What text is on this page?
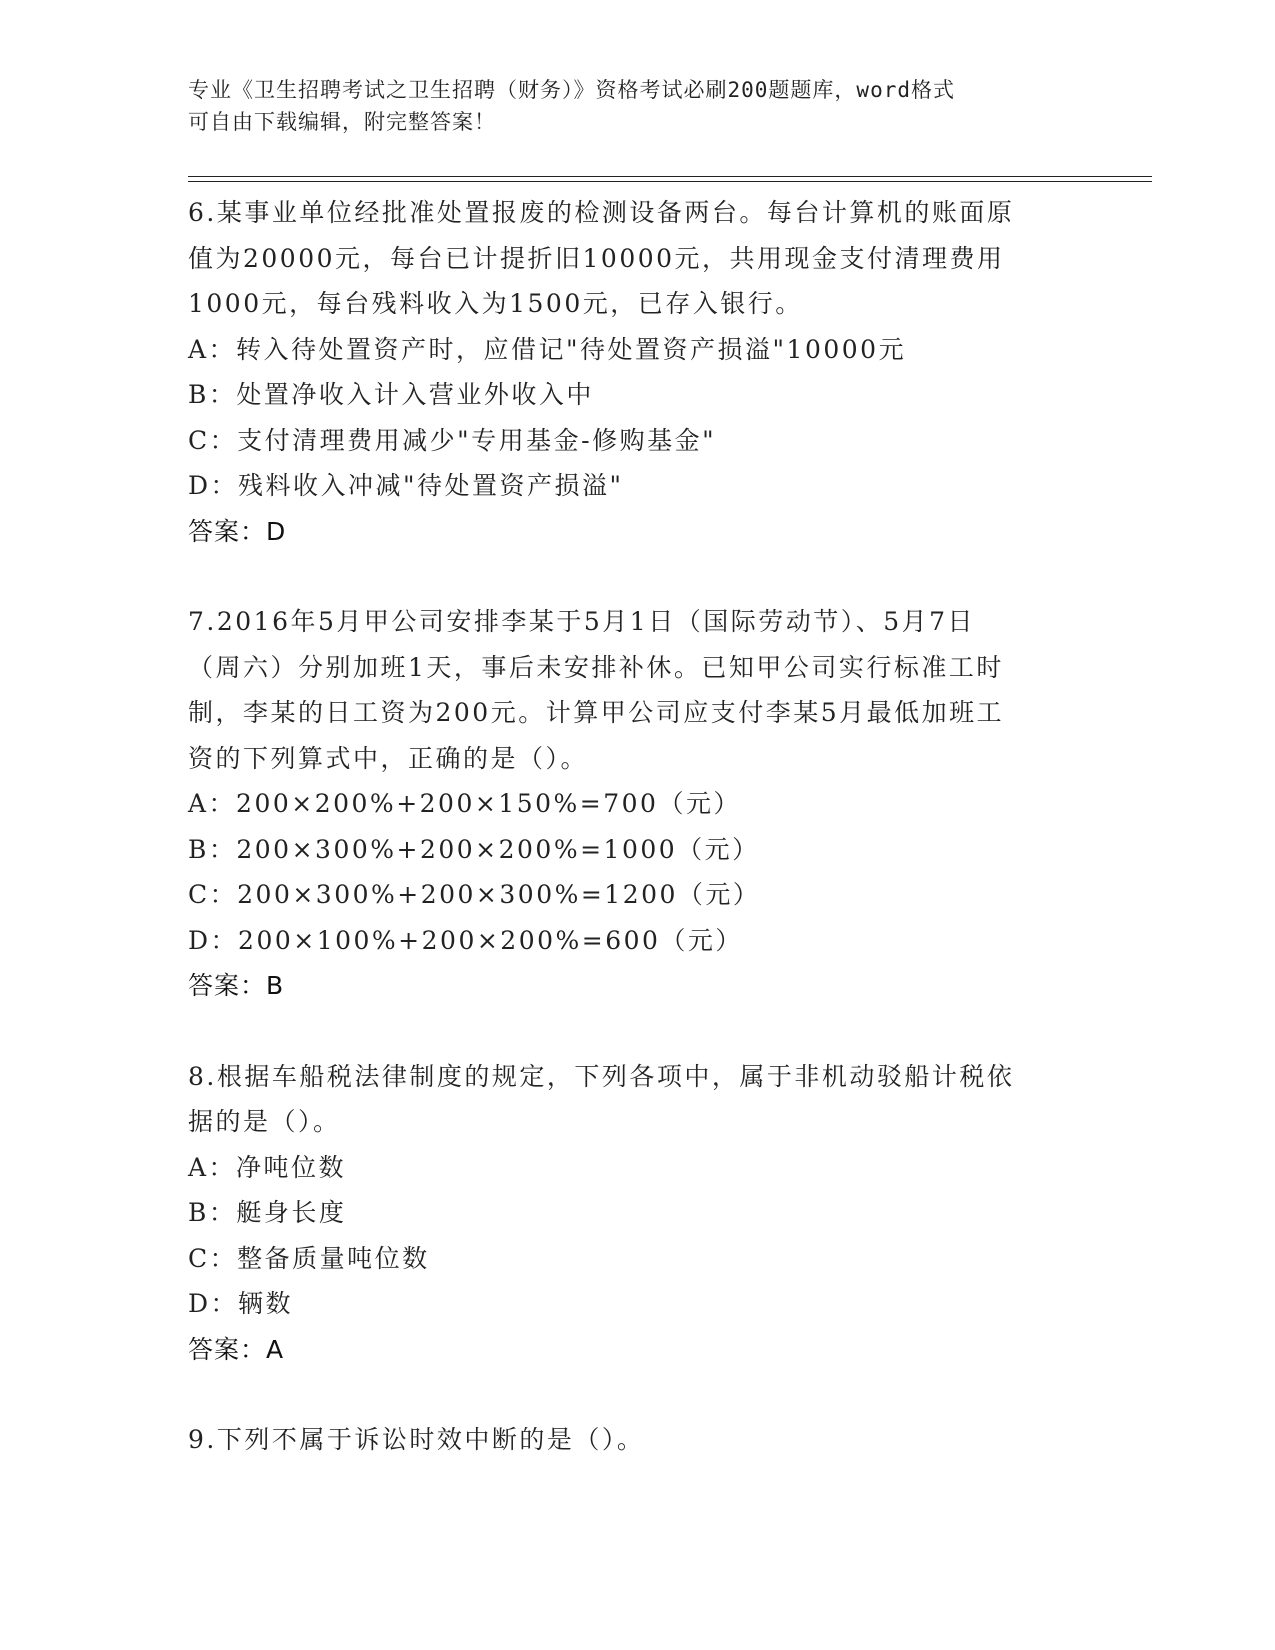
专业《卫生招聘考试之卫生招聘（财务）》资格考试必刷200题题库，word格式
可自由下载编辑，附完整答案！
6.某事业单位经批准处置报废的检测设备两台。每台计算机的账面原
值为20000元，每台已计提折旧10000元，共用现金支付清理费用
1000元，每台残料收入为1500元，已存入银行。
A：转入待处置资产时，应借记"待处置资产损溢"10000元
B：处置净收入计入营业外收入中
C：支付清理费用减少"专用基金-修购基金"
D：残料收入冲减"待处置资产损溢"
答案：D
7.2016年5月甲公司安排李某于5月1日（国际劳动节）、5月7日
（周六）分别加班1天，事后未安排补休。已知甲公司实行标准工时
制，李某的日工资为200元。计算甲公司应支付李某5月最低加班工
资的下列算式中，正确的是（）。
A：200×200%+200×150%=700（元）
B：200×300%+200×200%=1000（元）
C：200×300%+200×300%=1200（元）
D：200×100%+200×200%=600（元）
答案：B
8.根据车船税法律制度的规定，下列各项中，属于非机动驳船计税依
据的是（）。
A：净吨位数
B：艇身长度
C：整备质量吨位数
D：辆数
答案：A
9.下列不属于诉讼时效中断的是（）。
